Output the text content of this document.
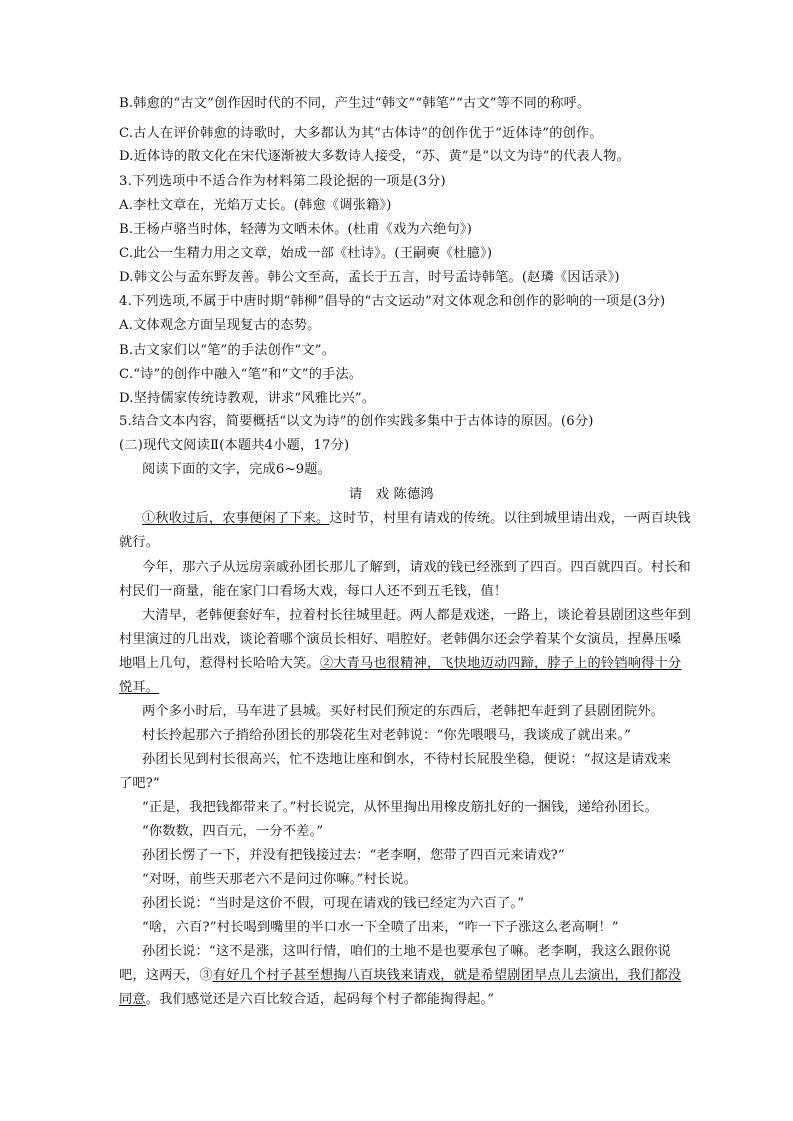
B.韩愈的“古文”创作因时代的不同，产生过“韩文”“韩笔”“古文”等不同的称呼。
C.古人在评价韩愈的诗歌时，大多都认为其“古体诗”的创作优于“近体诗”的创作。
D.近体诗的散文化在宋代逐渐被大多数诗人接受，“苏、黄”是“以文为诗”的代表人物。
3.下列选项中不适合作为材料第二段论据的一项是(3分)
A.李杜文章在，光焰万丈长。(韩愈《调张籍》)
B.王杨卢骆当时体，轻薄为文哂未休。(杜甫《戏为六绝句》)
C.此公一生精力用之文章，始成一部《杜诗》。(王嗣奭《杜臆》)
D.韩文公与孟东野友善。韩公文至高，孟长于五言，时号孟诗韩笔。(赵璘《因话录》)
4.下列选项,不属于中唐时期“韩柳”倡导的“古文运动”对文体观念和创作的影响的一项是(3分)
A.文体观念方面呈现复古的态势。
B.古文家们以“笔”的手法创作“文”。
C.“诗”的创作中融入“笔”和“文”的手法。
D.坚持儒家传统诗教观，讲求“风雅比兴”。
5.结合文本内容，简要概括“以文为诗”的创作实践多集中于古体诗的原因。(6分)
(二)现代文阅读Ⅱ(本题共4小题，17分)
阅读下面的文字，完成6~9题。
请　戏 陈德鸿
①秋收过后，农事便闲了下来。这时节，村里有请戏的传统。以往到城里请出戏，一两百块钱
就行。
今年，那六子从远房亲戚孙团长那儿了解到，请戏的钱已经涨到了四百。四百就四百。村长和
村民们一商量，能在家门口看场大戏，每口人还不到五毛钱，值！
大清早，老韩便套好车，拉着村长往城里赶。两人都是戏迷，一路上，谈论着县剧团这些年到
村里演过的几出戏，谈论着哪个演员长相好、唱腔好。老韩偶尔还会学着某个女演员，捏鼻压嗓
地唱上几句，惹得村长哈哈大笑。②大青马也很精神，飞快地迈动四蹄，脖子上的铃铛响得十分
悦耳。
两个多小时后，马车进了县城。买好村民们预定的东西后，老韩把车赶到了县剧团院外。
村长拎起那六子捎给孙团长的那袋花生对老韩说：“你先喂喂马，我谈成了就出来。”
孙团长见到村长很高兴，忙不迭地让座和倒水，不待村长屁股坐稳，便说：“叔这是请戏来
了吧?”
“正是，我把钱都带来了。”村长说完，从怀里掏出用橡皮筋扎好的一捆钱，递给孙团长。
“你数数，四百元，一分不差。”
孙团长愣了一下，并没有把钱接过去：“老李啊，您带了四百元来请戏?”
“对呀，前些天那老六不是问过你嘛。”村长说。
孙团长说：“当时是这价不假，可现在请戏的钱已经定为六百了。”
“啥，六百?”村长喝到嘴里的半口水一下全喷了出来，“咋一下子涨这么老高啊！”
孙团长说：“这不是涨，这叫行情，咱们的土地不是也要承包了嘛。老李啊，我这么跟你说
吧，这两天，③有好几个村子甚至想掏八百块钱来请戏，就是希望剧团早点儿去演出，我们都没
同意。我们感觉还是六百比较合适，起码每个村子都能掏得起。”
